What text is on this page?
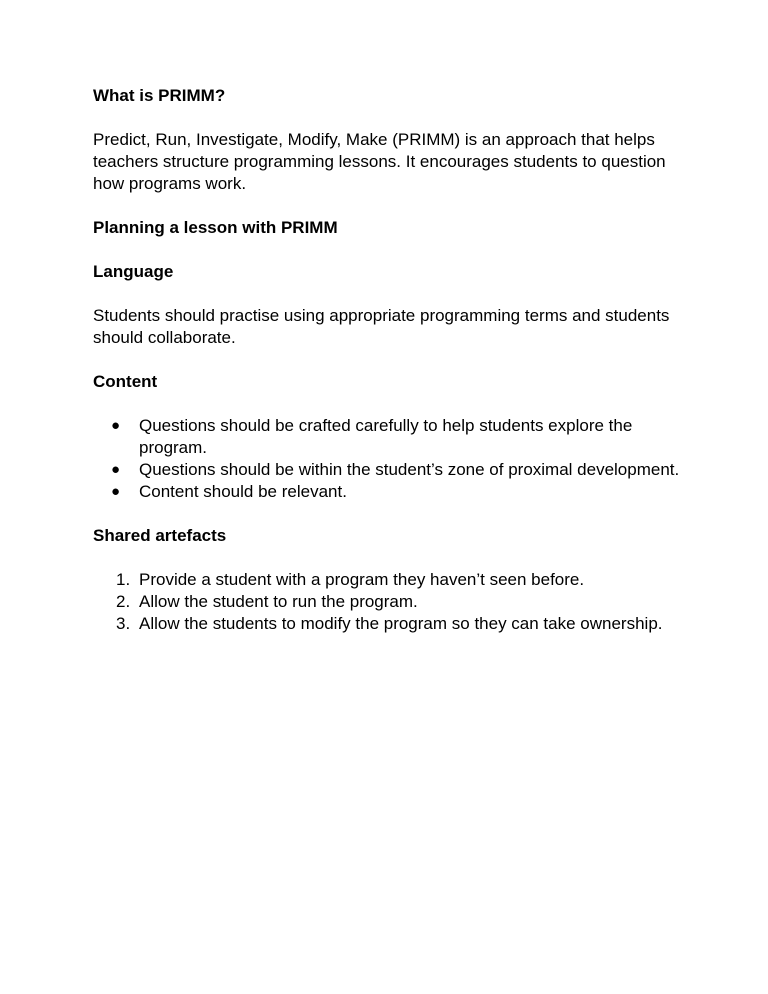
What is PRIMM?

Predict, Run, Investigate, Modify, Make (PRIMM) is an approach that helps teachers structure programming lessons. It encourages students to question how programs work.

Planning a lesson with PRIMM

Language

Students should practise using appropriate programming terms and students should collaborate.

Content

● Questions should be crafted carefully to help students explore the program.
● Questions should be within the student’s zone of proximal development.
● Content should be relevant.

Shared artefacts

1. Provide a student with a program they haven’t seen before.
2. Allow the student to run the program.
3. Allow the students to modify the program so they can take ownership.
